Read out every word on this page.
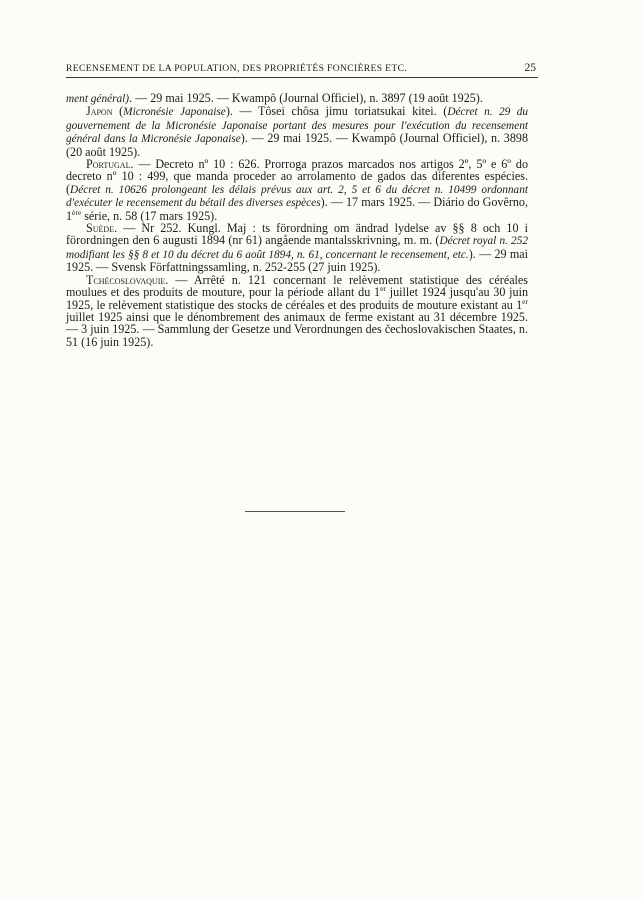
RECENSEMENT DE LA POPULATION, DES PROPRIÉTÉS FONCIÈRES ETC.	25

ment général). — 29 mai 1925. — Kwampô (Journal Officiel), n. 3897 (19 août 1925).

Japon (Micronésie Japonaise). — Tôsei chôsa jimu toriatsukai kitei. (Décret n. 29 du gouvernement de la Micronésie Japonaise portant des mesures pour l'exécution du recensement général dans la Micronésie Japonaise). — 29 mai 1925. — Kwampô (Journal Officiel), n. 3898 (20 août 1925).

Portugal. — Decreto nº 10 : 626. Prorroga prazos marcados nos artigos 2º, 5º e 6º do decreto nº 10 : 499, que manda proceder ao arrolamento de gados das diferentes espécies. (Décret n. 10626 prolongeant les délais prévus aux art. 2, 5 et 6 du décret n. 10499 ordonnant d'exécuter le recensement du bétail des diverses espèces). — 17 mars 1925. — Diário do Govêrno, 1ère série, n. 58 (17 mars 1925).

Suède. — Nr 252. Kungl. Maj : ts förordning om ändrad lydelse av §§ 8 och 10 i förordningen den 6 augusti 1894 (nr 61) angående mantalsskrivning, m. m. (Décret royal n. 252 modifiant les §§ 8 et 10 du décret du 6 août 1894, n. 61, concernant le recensement, etc.). — 29 mai 1925. — Svensk Författningssamling, n. 252-255 (27 juin 1925).

Tchécoslovaquie. — Arrêté n. 121 concernant le relèvement statistique des céréales moulues et des produits de mouture, pour la période allant du 1er juillet 1924 jusqu'au 30 juin 1925, le relèvement statistique des stocks de céréales et des produits de mouture existant au 1er juillet 1925 ainsi que le dénombrement des animaux de ferme existant au 31 décembre 1925. — 3 juin 1925. — Sammlung der Gesetze und Verordnungen des čechoslovakischen Staates, n. 51 (16 juin 1925).
